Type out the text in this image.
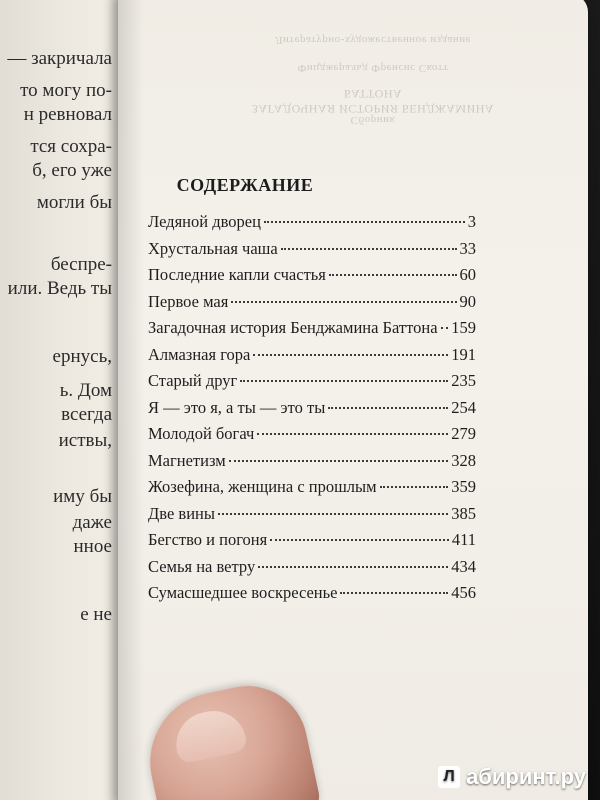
— закричала
то могу по-
н ревновал
тся сохра-
б, его уже
могли бы
беспре-
или. Ведь ты
ернусь,
ь. Дом
всегда
иствы,
иму бы
даже
нное
е не
Литературно-художественное издание
Фицджеральд Френсис Скотт
ЗАГАДОЧНАЯ ИСТОРИЯ БЕНДЖАМИНА БАТТОНА
Сборник
СОДЕРЖАНИЕ
Ледяной дворец	3
Хрустальная чаша	33
Последние капли счастья	60
Первое мая	90
Загадочная история Бенджамина Баттона 159
Алмазная гора	191
Старый друг	235
Я — это я, а ты — это ты	254
Молодой богач	279
Магнетизм	328
Жозефина, женщина с прошлым	359
Две вины	385
Бегство и погоня	411
Семья на ветру	434
Сумасшедшее воскресенье	456
Л абиринт.ру
